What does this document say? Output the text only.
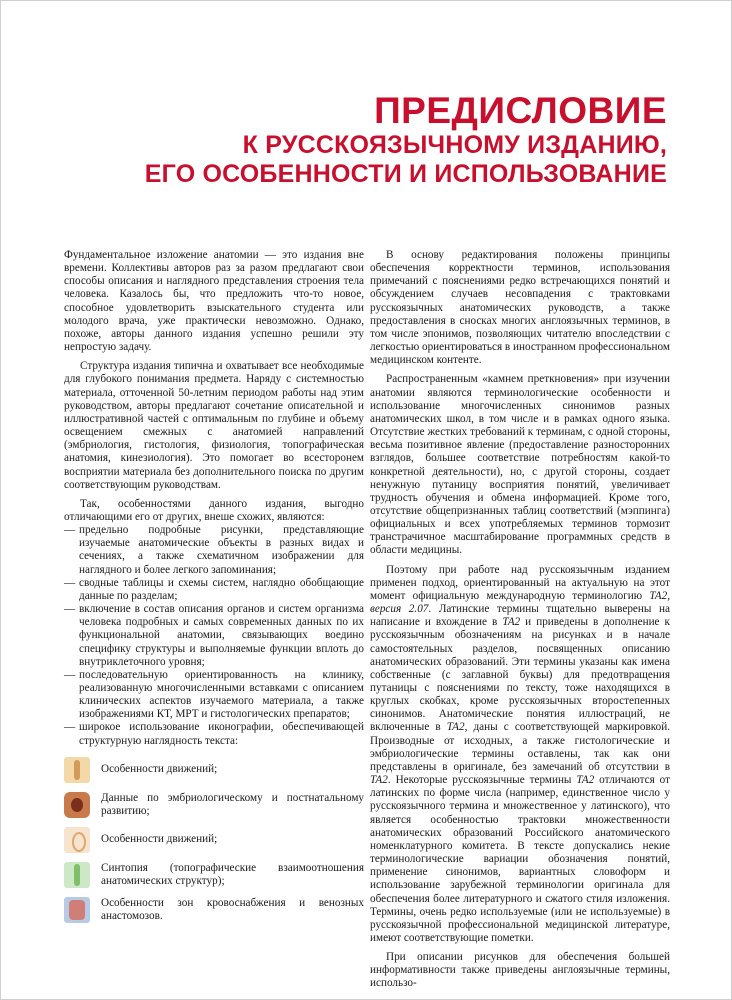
ПРЕДИСЛОВИЕ
К РУССКОЯЗЫЧНОМУ ИЗДАНИЮ,
ЕГО ОСОБЕННОСТИ И ИСПОЛЬЗОВАНИЕ

Фундаментальное изложение анатомии — это издания вне времени. Коллективы авторов раз за разом предлагают свои способы описания и наглядного представления строения тела человека. Казалось бы, что предложить что-то новое, способное удовлетворить взыскательного студента или молодого врача, уже практически невозможно. Однако, похоже, авторы данного издания успешно решили эту непростую задачу.

Структура издания типична и охватывает все необходимые для глубокого понимания предмета. Наряду с системностью материала, отточенной 50-летним периодом работы над этим руководством, авторы предлагают сочетание описательной и иллюстративной частей с оптимальным по глубине и объему освещением смежных с анатомией направлений (эмбриология, гистология, физиология, топографическая анатомия, кинезиология). Это помогает во всесторонем восприятии материала без дополнительного поиска по другим соответствующим руководствам.

Так, особенностями данного издания, выгодно отличающими его от других, внеше схожих, являются:

— предельно подробные рисунки, представляющие изучаемые анатомические объекты в разных видах и сечениях, а также схематичном изображении для наглядного и более легкого запоминания;
— сводные таблицы и схемы систем, наглядно обобщающие данные по разделам;
— включение в состав описания органов и систем организма человека подробных и самых современных данных по их функциональной анатомии, связывающих воедино специфику структуры и выполняемые функции вплоть до внутриклеточного уровня;
— последовательную ориентированность на клинику, реализованную многочисленными вставками с описанием клинических аспектов изучаемого материала, а также изображениями КТ, МРТ и гистологических препаратов;
— широкое использование иконографии, обеспечивающей структурную наглядность текста:
Особенности движений;
Данные по эмбриологическому и постнатальному развитию;
Особенности движений;
Синтопия (топографические взаимоотношения анатомических структур);
Особенности зон кровоснабжения и венозных анастомозов.

В основу редактирования положены принципы обеспечения корректности терминов, использования примечаний с пояснениями редко встречающихся понятий и обсуждением случаев несовпадения с трактовками русскоязычных анатомических руководств, а также предоставления в сносках многих англоязычных терминов, в том числе эпонимов, позволяющих читателю впоследствии с легкостью ориентироваться в иностранном профессиональном медицинском контенте.

Распространенным «камнем преткновения» при изучении анатомии являются терминологические особенности и использование многочисленных синонимов разных анатомических школ, в том числе и в рамках одного языка. Отсутствие жестких требований к терминам, с одной стороны, весьма позитивное явление (предоставление разносторонних взглядов, большее соответствие потребностям какой-то конкретной деятельности), но, с другой стороны, создает ненужную путаницу восприятия понятий, увеличивает трудность обучения и обмена информацией. Кроме того, отсутствие общепризнанных таблиц соответствий (мэппинга) официальных и всех употребляемых терминов тормозит транстрачичное масштабирование программных средств в области медицины.

Поэтому при работе над русскоязычным изданием применен подход, ориентированный на актуальную на этот момент официальную международную терминологию TA2, версия 2.07. Латинские термины тщательно выверены на написание и вхождение в TA2 и приведены в дополнение к русскоязычным обозначениям на рисунках и в начале самостоятельных разделов, посвященных описанию анатомических образований. Эти термины указаны как имена собственные (с заглавной буквы) для предотвращения путаницы с пояснениями по тексту, тоже находящихся в круглых скобках, кроме русскоязычных второстепенных синонимов. Анатомические понятия иллюстраций, не включенные в TA2, даны с соответствующей маркировкой. Производные от исходных, а также гистологические и эмбриологические термины оставлены, так как они представлены в оригинале, без замечаний об отсутствии в TA2. Некоторые русскоязычные термины TA2 отличаются от латинских по форме числа (например, единственное число у русскоязычного термина и множественное у латинского), что является особенностью трактовки множественности анатомических образований Российского анатомического номенклатурного комитета. В тексте допускались некие терминологические вариации обозначения понятий, применение синонимов, вариантных словоформ и использование зарубежной терминологии оригинала для обеспечения более литературного и сжатого стиля изложения. Термины, очень редко используемые (или не используемые) в русскоязычной профессиональной медицинской литературе, имеют соответствующие пометки.

При описании рисунков для обеспечения большей информативности также приведены англоязычные термины, использо-
